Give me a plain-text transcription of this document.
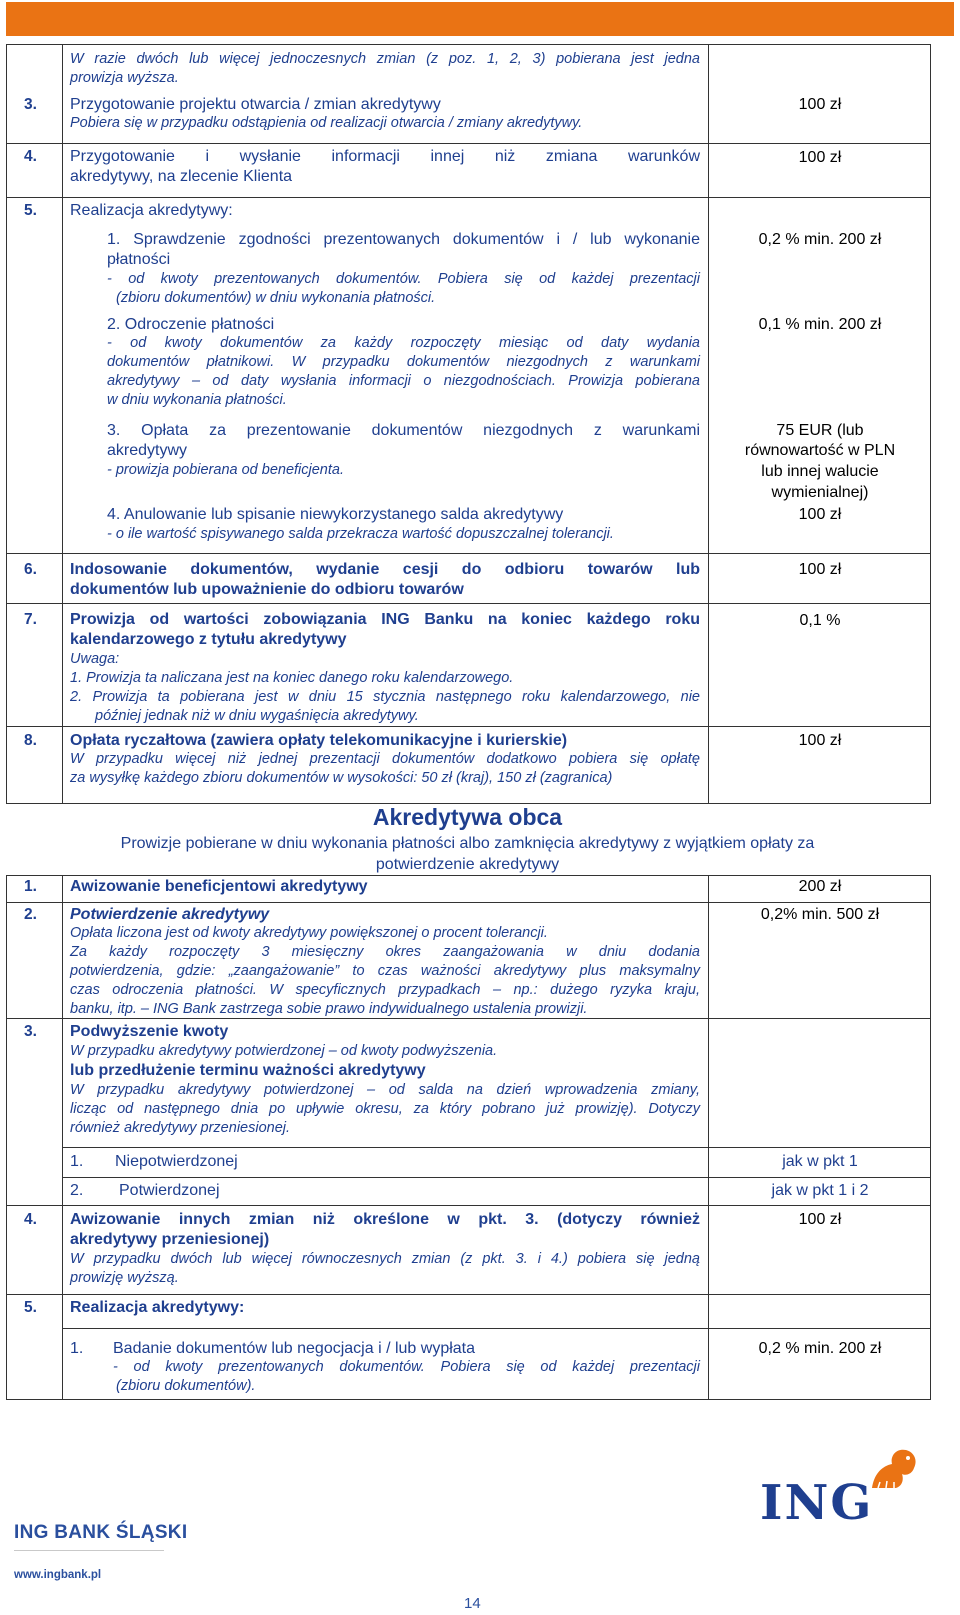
W razie dwóch lub więcej jednoczesnych zmian (z poz. 1, 2, 3) pobierana jest jedna
prowizja wyższa.
3. Przygotowanie projektu otwarcia / zmian akredytywy
Pobiera się w przypadku odstąpienia od realizacji otwarcia / zmiany akredytywy.
100 zł
4. Przygotowanie i wysłanie informacji innej niż zmiana warunków
akredytywy, na zlecenie Klienta
100 zł
5. Realizacja akredytywy:
1. Sprawdzenie zgodności prezentowanych dokumentów i / lub wykonanie
płatności
- od kwoty prezentowanych dokumentów. Pobiera się od każdej prezentacji
(zbioru dokumentów) w dniu wykonania płatności.
0,2 % min. 200 zł
2. Odroczenie płatności
- od kwoty dokumentów za każdy rozpoczęty miesiąc od daty wydania
dokumentów płatnikowi. W przypadku dokumentów niezgodnych z warunkami
akredytywy – od daty wysłania informacji o niezgodnościach. Prowizja pobierana
w dniu wykonania płatności.
0,1 % min. 200 zł
3. Opłata za prezentowanie dokumentów niezgodnych z warunkami
akredytywy
- prowizja pobierana od beneficjenta.
75 EUR (lub
równowartość w PLN
lub innej walucie
wymienialnej)
4. Anulowanie lub spisanie niewykorzystanego salda akredytywy
- o ile wartość spisywanego salda przekracza wartość dopuszczalnej tolerancji.
100 zł
6. Indosowanie dokumentów, wydanie cesji do odbioru towarów lub
dokumentów lub upoważnienie do odbioru towarów
100 zł
7. Prowizja od wartości zobowiązania ING Banku na koniec każdego roku
kalendarzowego z tytułu akredytywy
Uwaga:
1. Prowizja ta naliczana jest na koniec danego roku kalendarzowego.
2. Prowizja ta pobierana jest w dniu 15 stycznia następnego roku kalendarzowego, nie
później jednak niż w dniu wygaśnięcia akredytywy.
0,1 %
8. Opłata ryczałtowa (zawiera opłaty telekomunikacyjne i kurierskie)
W przypadku więcej niż jednej prezentacji dokumentów dodatkowo pobiera się opłatę
za wysyłkę każdego zbioru dokumentów w wysokości: 50 zł (kraj), 150 zł (zagranica)
100 zł
Akredytywa obca
Prowizje pobierane w dniu wykonania płatności albo zamknięcia akredytywy z wyjątkiem opłaty za
potwierdzenie akredytywy
1. Awizowanie beneficjentowi akredytywy	200 zł
2. Potwierdzenie akredytywy
Opłata liczona jest od kwoty akredytywy powiększonej o procent tolerancji.
Za każdy rozpoczęty 3 miesięczny okres zaangażowania w dniu dodania
potwierdzenia, gdzie: „zaangażowanie” to czas ważności akredytywy plus maksymalny
czas odroczenia płatności. W specyficznych przypadkach – np.: dużego ryzyka kraju,
banku, itp. – ING Bank zastrzega sobie prawo indywidualnego ustalenia prowizji.
0,2% min. 500 zł
3. Podwyższenie kwoty
W przypadku akredytywy potwierdzonej – od kwoty podwyższenia.
lub przedłużenie terminu ważności akredytywy
W przypadku akredytywy potwierdzonej – od salda na dzień wprowadzenia zmiany,
licząc od następnego dnia po upływie okresu, za który pobrano już prowizję). Dotyczy
również akredytywy przeniesionej.
1. Niepotwierdzonej	jak w pkt 1
2. Potwierdzonej	jak w pkt 1 i 2
4. Awizowanie innych zmian niż określone w pkt. 3. (dotyczy również
akredytywy przeniesionej)
W przypadku dwóch lub więcej równoczesnych zmian (z pkt. 3. i 4.) pobiera się jedną
prowizję wyższą.
100 zł
5. Realizacja akredytywy:
1. Badanie dokumentów lub negocjacja i / lub wypłata
- od kwoty prezentowanych dokumentów. Pobiera się od każdej prezentacji
(zbioru dokumentów).
0,2 % min. 200 zł
ING BANK ŚLĄSKI
www.ingbank.pl
ING
14
